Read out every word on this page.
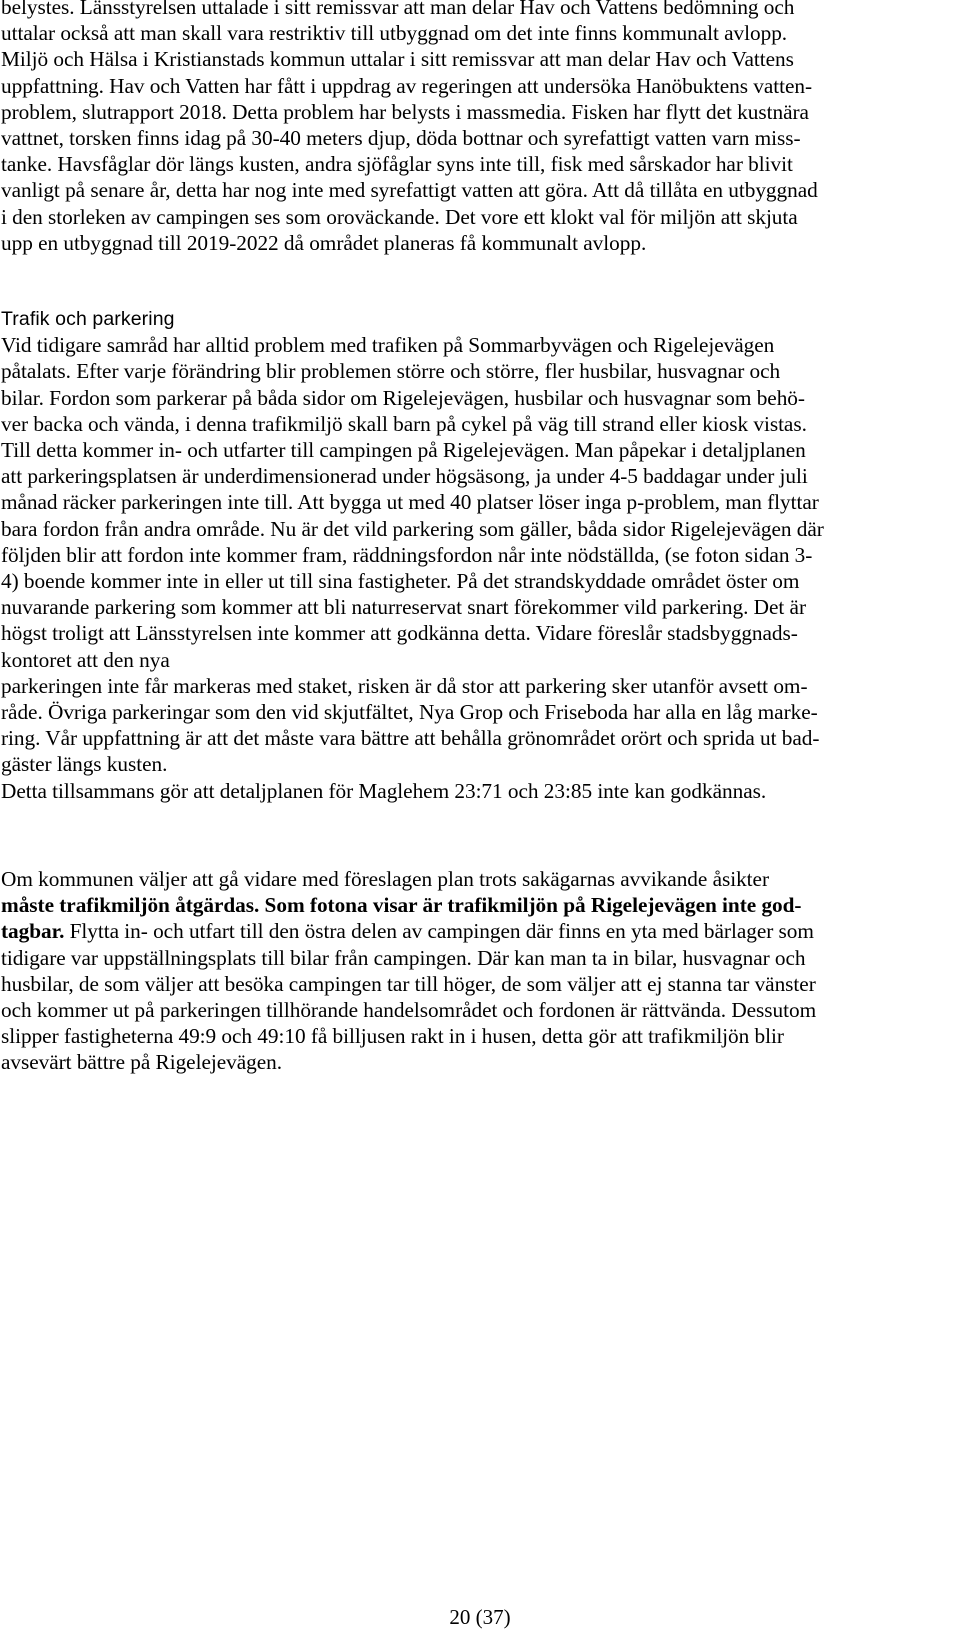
belystes. Länsstyrelsen uttalade i sitt remissvar att man delar Hav och Vattens bedömning och

uttalar också att man skall vara restriktiv till utbyggnad om det inte finns kommunalt avlopp.

Miljö och Hälsa i Kristianstads kommun uttalar i sitt remissvar att man delar Hav och Vattens

uppfattning. Hav och Vatten har fått i uppdrag av regeringen att undersöka Hanöbuktens vatten-

problem, slutrapport 2018. Detta problem har belysts i massmedia. Fisken har flytt det kustnära

vattnet, torsken finns idag på 30-40 meters djup, döda bottnar och syrefattigt vatten varn miss-

tanke. Havsfåglar dör längs kusten, andra sjöfåglar syns inte till, fisk med sårskador har blivit

vanligt på senare år, detta har nog inte med syrefattigt vatten att göra. Att då tillåta en utbyggnad

i den storleken av campingen ses som oroväckande. Det vore ett klokt val för miljön att skjuta

upp en utbyggnad till 2019-2022 då området planeras få kommunalt avlopp.

Trafik och parkering

Vid tidigare samråd har alltid problem med trafiken på Sommarbyvägen och Rigelejevägen

påtalats. Efter varje förändring blir problemen större och större, fler husbilar, husvagnar och

bilar. Fordon som parkerar på båda sidor om Rigelejevägen, husbilar och husvagnar som behö-

ver backa och vända, i denna trafikmiljö skall barn på cykel på väg till strand eller kiosk vistas.

Till detta kommer in- och utfarter till campingen på Rigelejevägen. Man påpekar i detaljplanen

att parkeringsplatsen är underdimensionerad under högsäsong, ja under 4-5 baddagar under juli

månad räcker parkeringen inte till. Att bygga ut med 40 platser löser inga p-problem, man flyttar

bara fordon från andra område. Nu är det vild parkering som gäller, båda sidor Rigelejevägen där

följden blir att fordon inte kommer fram, räddningsfordon når inte nödställda, (se foton sidan 3-

4) boende kommer inte in eller ut till sina fastigheter. På det strandskyddade området öster om

nuvarande parkering som kommer att bli naturreservat snart förekommer vild parkering. Det är

högst troligt att Länsstyrelsen inte kommer att godkänna detta. Vidare föreslår stadsbyggnads-

kontoret att den nya

parkeringen inte får markeras med staket, risken är då stor att parkering sker utanför avsett om-

råde. Övriga parkeringar som den vid skjutfältet, Nya Grop och Friseboda har alla en låg marke-

ring. Vår uppfattning är att det måste vara bättre att behålla grönområdet orört och sprida ut bad-

gäster längs kusten.

Detta tillsammans gör att detaljplanen för Maglehem 23:71 och 23:85 inte kan godkännas.

Om kommunen väljer att gå vidare med föreslagen plan trots sakägarnas avvikande åsikter

måste trafikmiljön åtgärdas. Som fotona visar är trafikmiljön på Rigelejevägen inte god-

tagbar. Flytta in- och utfart till den östra delen av campingen där finns en yta med bärlager som

tidigare var uppställningsplats till bilar från campingen. Där kan man ta in bilar, husvagnar och

husbilar, de som väljer att besöka campingen tar till höger, de som väljer att ej stanna tar vänster

och kommer ut på parkeringen tillhörande handelsområdet och fordonen är rättvända. Dessutom

slipper fastigheterna 49:9 och 49:10 få billjusen rakt in i husen, detta gör att trafikmiljön blir

avsevärt bättre på Rigelejevägen.

20 (37)
